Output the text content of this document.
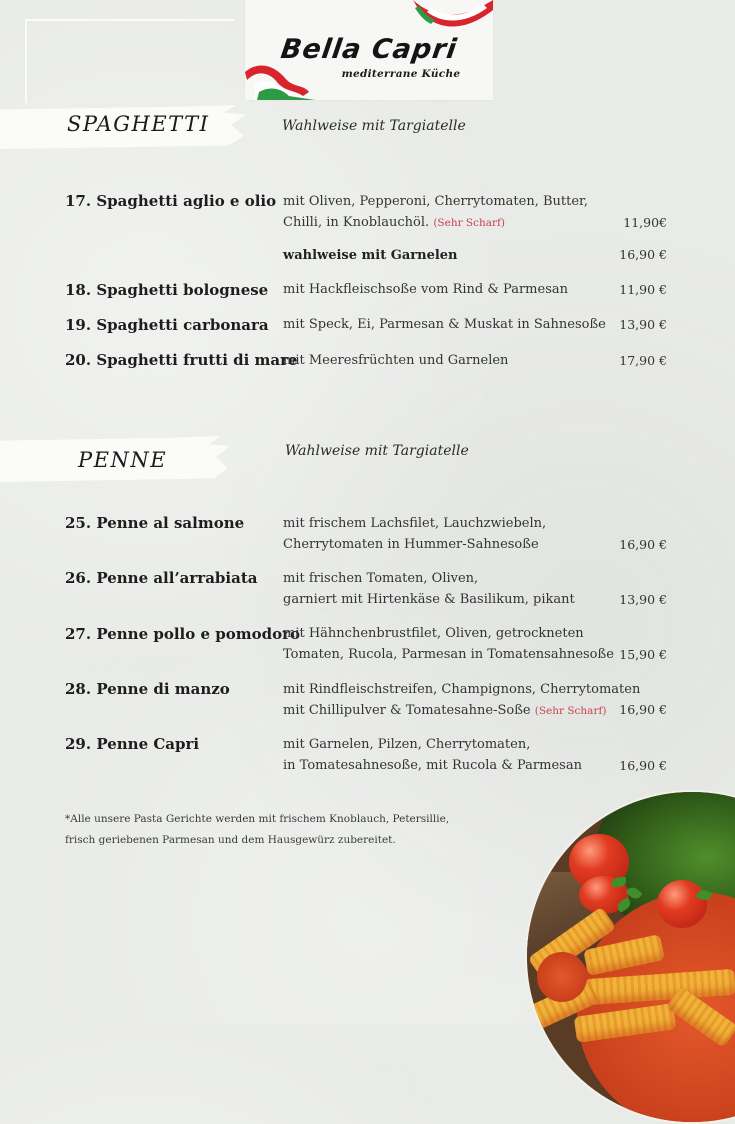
Bella Capri
mediterrane Küche
SPAGHETTI	Wahlweise mit Targiatelle
17. Spaghetti aglio e olio mit Oliven, Pepperoni, Cherrytomaten, Butter,
Chilli, in Knoblauchöl. (Sehr Scharf)	11,90€
wahlweise mit Garnelen	16,90 €
18. Spaghetti bolognese mit Hackfleischsoße vom Rind & Parmesan	11,90 €
19. Spaghetti carbonara mit Speck, Ei, Parmesan & Muskat in Sahnesoße 13,90 €
20. Spaghetti frutti di mare
mit Meeresfrüchten und Garnelen	17,90 €
PENNE	Wahlweise mit Targiatelle
25. Penne al salmone	mit frischem Lachsfilet, Lauchzwiebeln,
Cherrytomaten in Hummer-Sahnesoße	16,90 €
26. Penne all’arrabiata mit frischen Tomaten, Oliven,
garniert mit Hirtenkäse & Basilikum, pikant	13,90 €
27. Penne pollo e pomodoro
mit Hähnchenbrustfilet, Oliven, getrockneten
Tomaten, Rucola, Parmesan in Tomatensahnesoße 15,90 €
28. Penne di manzo	mit Rindfleischstreifen, Champignons, Cherrytomaten
mit Chillipulver & Tomatesahne-Soße (Sehr Scharf)	16,90 €
29. Penne Capri	mit Garnelen, Pilzen, Cherrytomaten,
in Tomatesahnesoße, mit Rucola & Parmesan	16,90 €
*Alle unsere Pasta Gerichte werden mit frischem Knoblauch, Petersillie,
frisch geriebenen Parmesan und dem Hausgewürz zubereitet.
